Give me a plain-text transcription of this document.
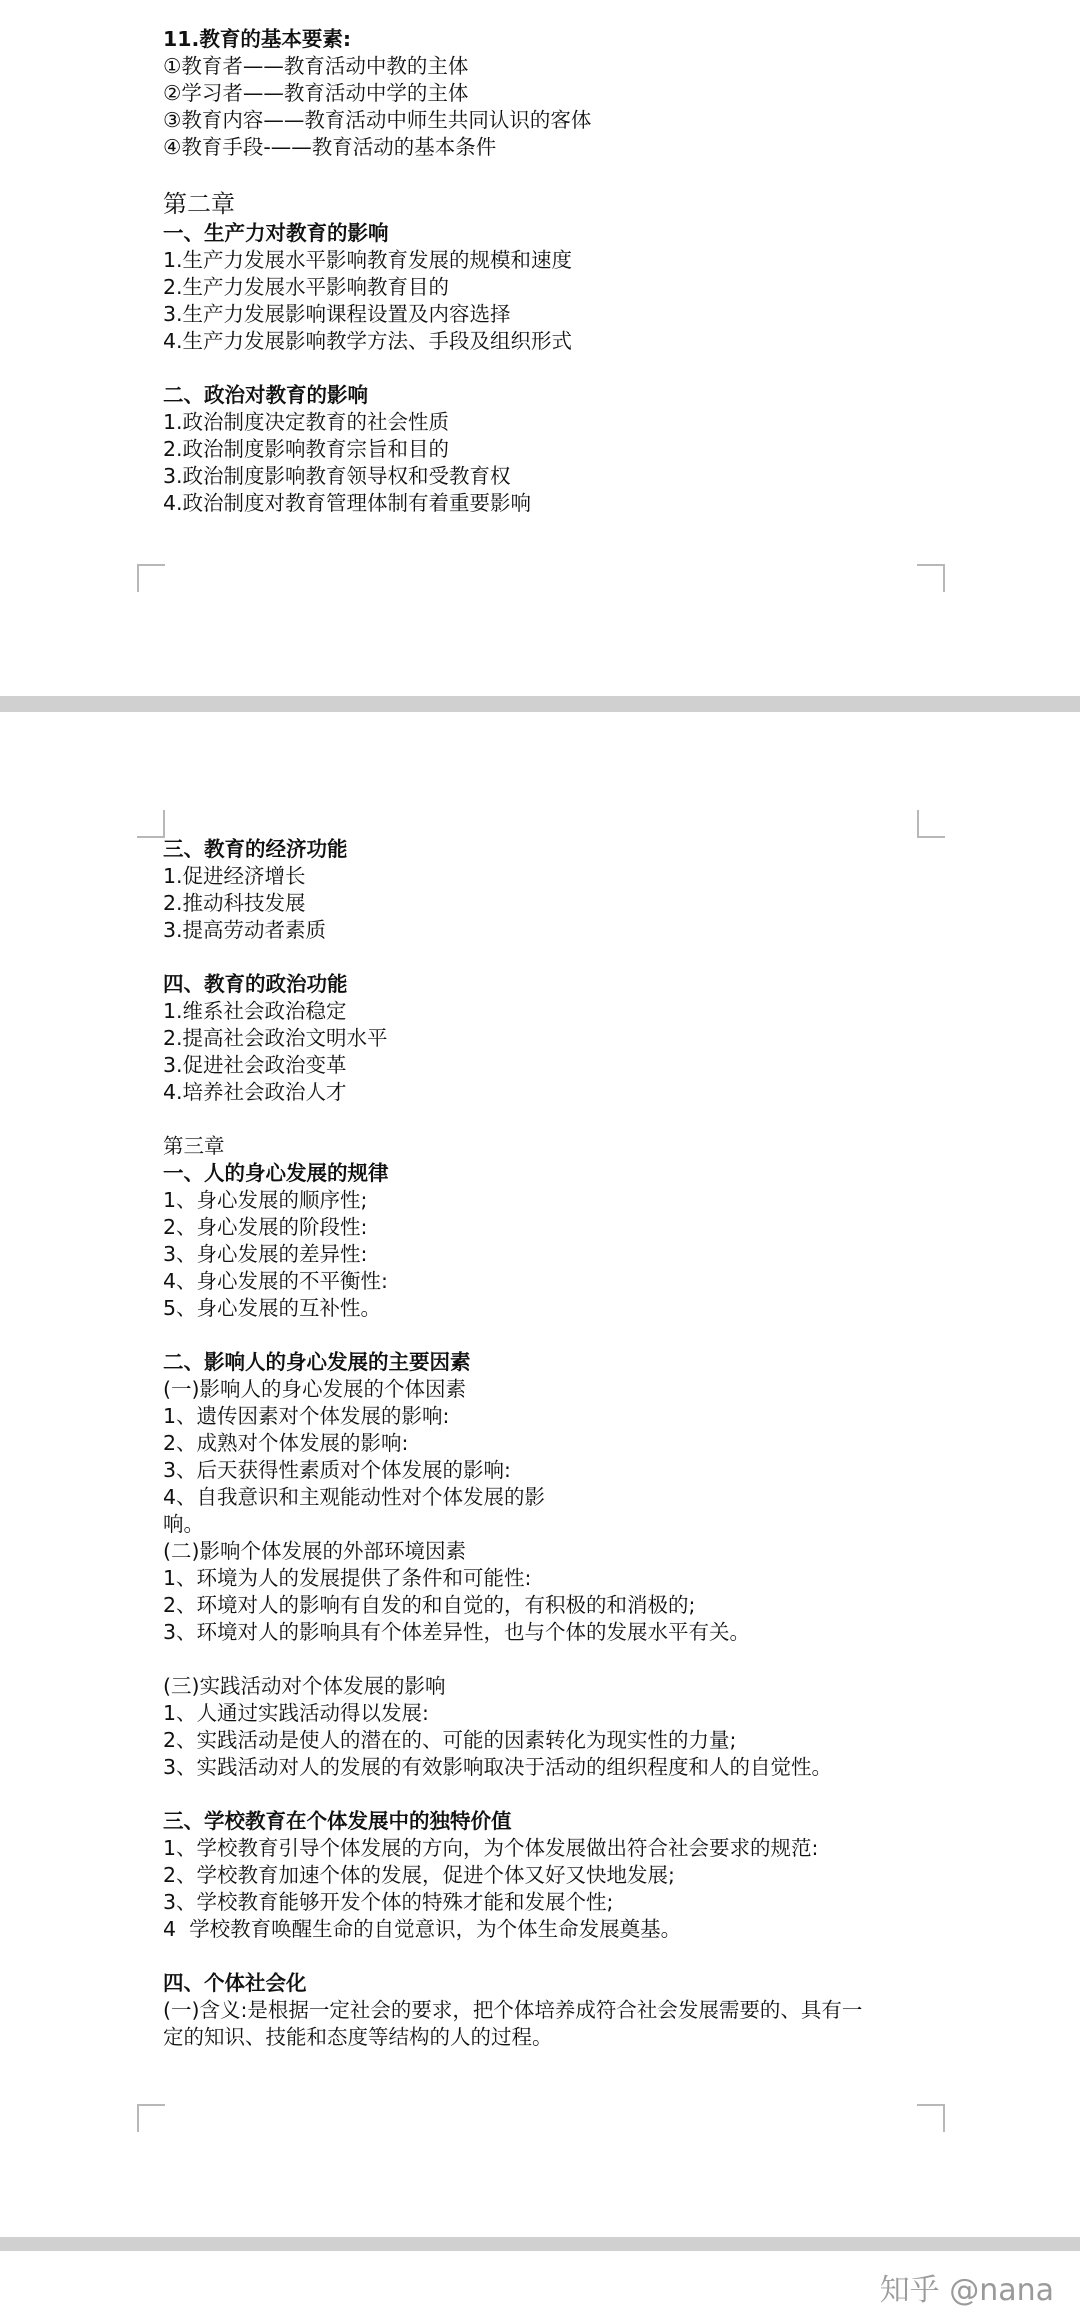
11.教育的基本要素:

①教育者——教育活动中教的主体

②学习者——教育活动中学的主体

③教育内容——教育活动中师生共同认识的客体

④教育手段-——教育活动的基本条件

第二章

一、生产力对教育的影响

1.生产力发展水平影响教育发展的规模和速度

2.生产力发展水平影响教育目的

3.生产力发展影响课程设置及内容选择

4.生产力发展影响教学方法、手段及组织形式

二、政治对教育的影响

1.政治制度决定教育的社会性质

2.政治制度影响教育宗旨和目的

3.政治制度影响教育领导权和受教育权

4.政治制度对教育管理体制有着重要影响

三、教育的经济功能

1.促进经济增长

2.推动科技发展

3.提高劳动者素质

四、教育的政治功能

1.维系社会政治稳定

2.提高社会政治文明水平

3.促进社会政治变革

4.培养社会政治人才

第三章

一、人的身心发展的规律

1、身心发展的顺序性;

2、身心发展的阶段性:

3、身心发展的差异性:

4、身心发展的不平衡性:

5、身心发展的互补性。

二、影响人的身心发展的主要因素

(一)影响人的身心发展的个体因素

1、遗传因素对个体发展的影响:

2、成熟对个体发展的影响:

3、后天获得性素质对个体发展的影响:

4、自我意识和主观能动性对个体发展的影

响。

(二)影响个体发展的外部环境因素

1、环境为人的发展提供了条件和可能性:

2、环境对人的影响有自发的和自觉的，有积极的和消极的;

3、环境对人的影响具有个体差异性，也与个体的发展水平有关。

(三)实践活动对个体发展的影响

1、人通过实践活动得以发展:

2、实践活动是使人的潜在的、可能的因素转化为现实性的力量;

3、实践活动对人的发展的有效影响取决于活动的组织程度和人的自觉性。

三、学校教育在个体发展中的独特价值

1、学校教育引导个体发展的方向，为个体发展做出符合社会要求的规范:

2、学校教育加速个体的发展，促进个体又好又快地发展;

3、学校教育能够开发个体的特殊才能和发展个性;

4  学校教育唤醒生命的自觉意识，为个体生命发展奠基。

四、个体社会化

(一)含义:是根据一定社会的要求，把个体培养成符合社会发展需要的、具有一

定的知识、技能和态度等结构的人的过程。

知乎 @nana
